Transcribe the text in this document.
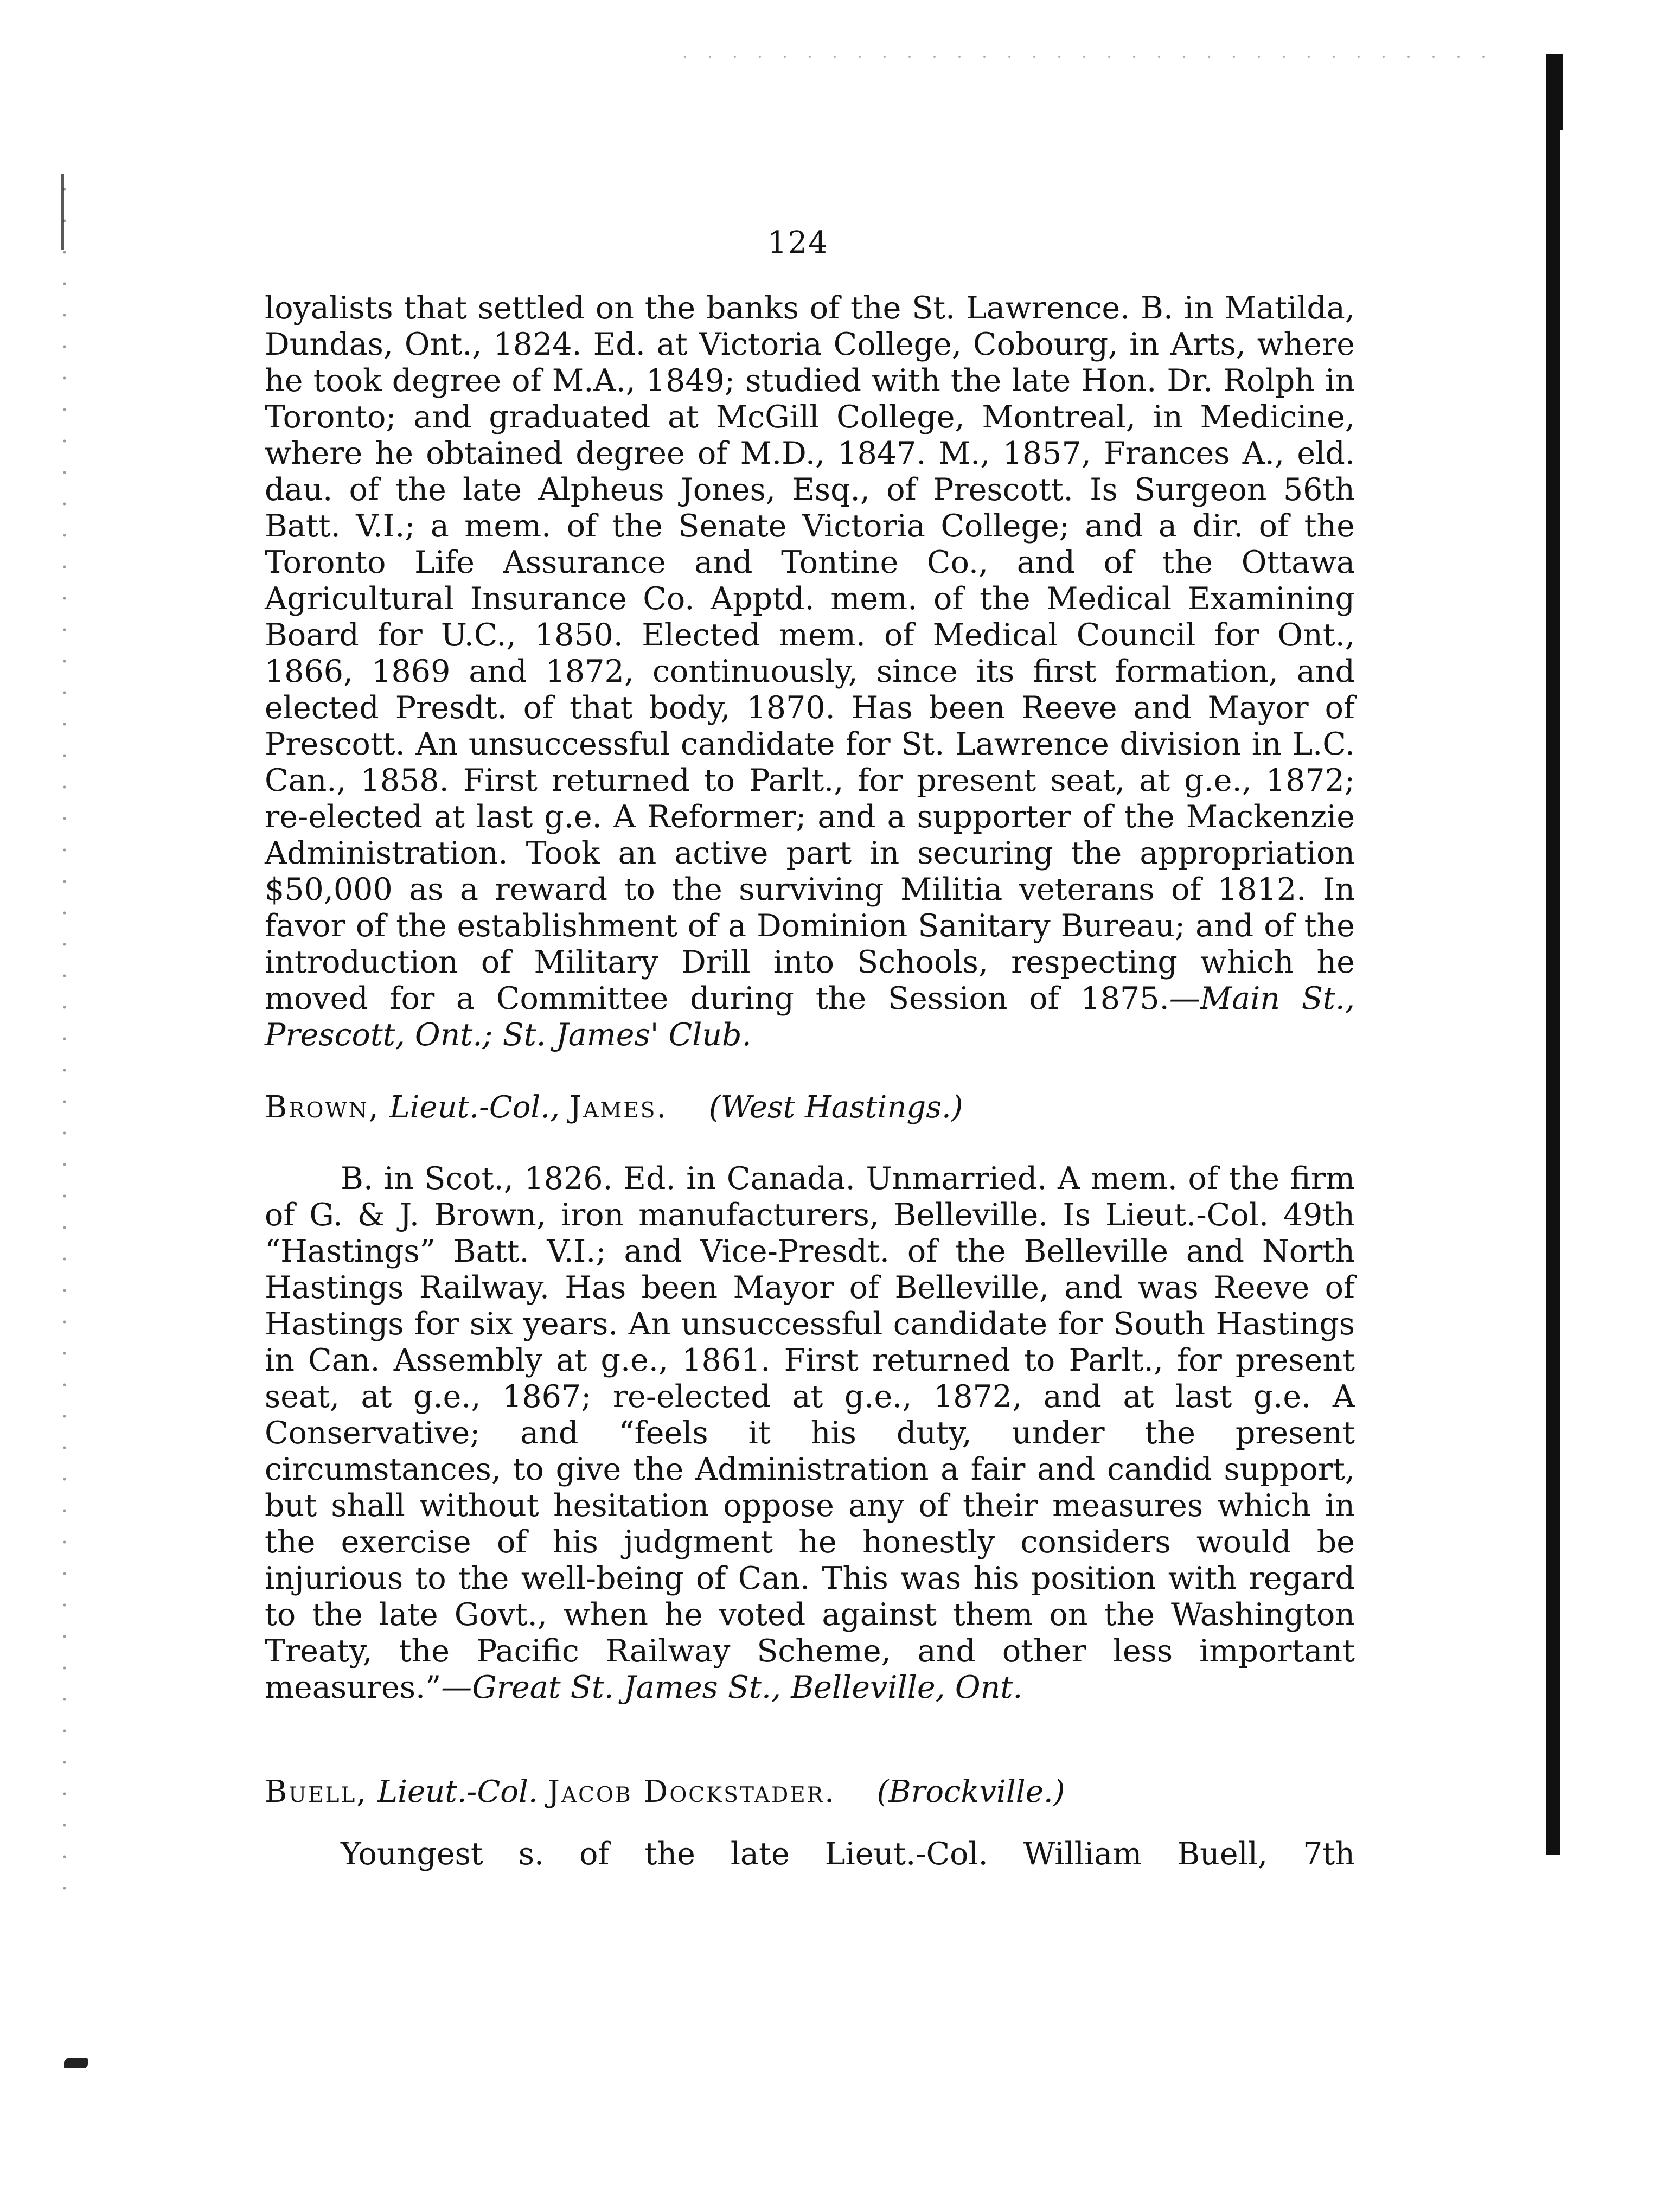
124

loyalists that settled on the banks of the St. Lawrence. B. in Matilda, Dundas, Ont., 1824. Ed. at Victoria College, Cobourg, in Arts, where he took degree of M.A., 1849; studied with the late Hon. Dr. Rolph in Toronto; and graduated at McGill College, Montreal, in Medicine, where he obtained degree of M.D., 1847. M., 1857, Frances A., eld. dau. of the late Alpheus Jones, Esq., of Prescott. Is Surgeon 56th Batt. V.I.; a mem. of the Senate Victoria College; and a dir. of the Toronto Life Assurance and Tontine Co., and of the Ottawa Agricultural Insurance Co. Apptd. mem. of the Medical Examining Board for U.C., 1850. Elected mem. of Medical Council for Ont., 1866, 1869 and 1872, continuously, since its first formation, and elected Presdt. of that body, 1870. Has been Reeve and Mayor of Prescott. An unsuccessful candidate for St. Lawrence division in L.C. Can., 1858. First returned to Parlt., for present seat, at g.e., 1872; re-elected at last g.e. A Reformer; and a supporter of the Mackenzie Administration. Took an active part in securing the appropriation $50,000 as a reward to the surviving Militia veterans of 1812. In favor of the establishment of a Dominion Sanitary Bureau; and of the introduction of Military Drill into Schools, respecting which he moved for a Committee during the Session of 1875.—Main St., Prescott, Ont.; St. James' Club.

Brown, Lieut.-Col., James. (West Hastings.)

B. in Scot., 1826. Ed. in Canada. Unmarried. A mem. of the firm of G. & J. Brown, iron manufacturers, Belleville. Is Lieut.-Col. 49th “Hastings” Batt. V.I.; and Vice-Presdt. of the Belleville and North Hastings Railway. Has been Mayor of Belleville, and was Reeve of Hastings for six years. An unsuccessful candidate for South Hastings in Can. Assembly at g.e., 1861. First returned to Parlt., for present seat, at g.e., 1867; re-elected at g.e., 1872, and at last g.e. A Conservative; and “feels it his duty, under the present circumstances, to give the Administration a fair and candid support, but shall without hesitation oppose any of their measures which in the exercise of his judgment he honestly considers would be injurious to the well-being of Can. This was his position with regard to the late Govt., when he voted against them on the Washington Treaty, the Pacific Railway Scheme, and other less important measures.”—Great St. James St., Belleville, Ont.

Buell, Lieut.-Col. Jacob Dockstader. (Brockville.)
Youngest s. of the late Lieut.-Col. William Buell, 7th
